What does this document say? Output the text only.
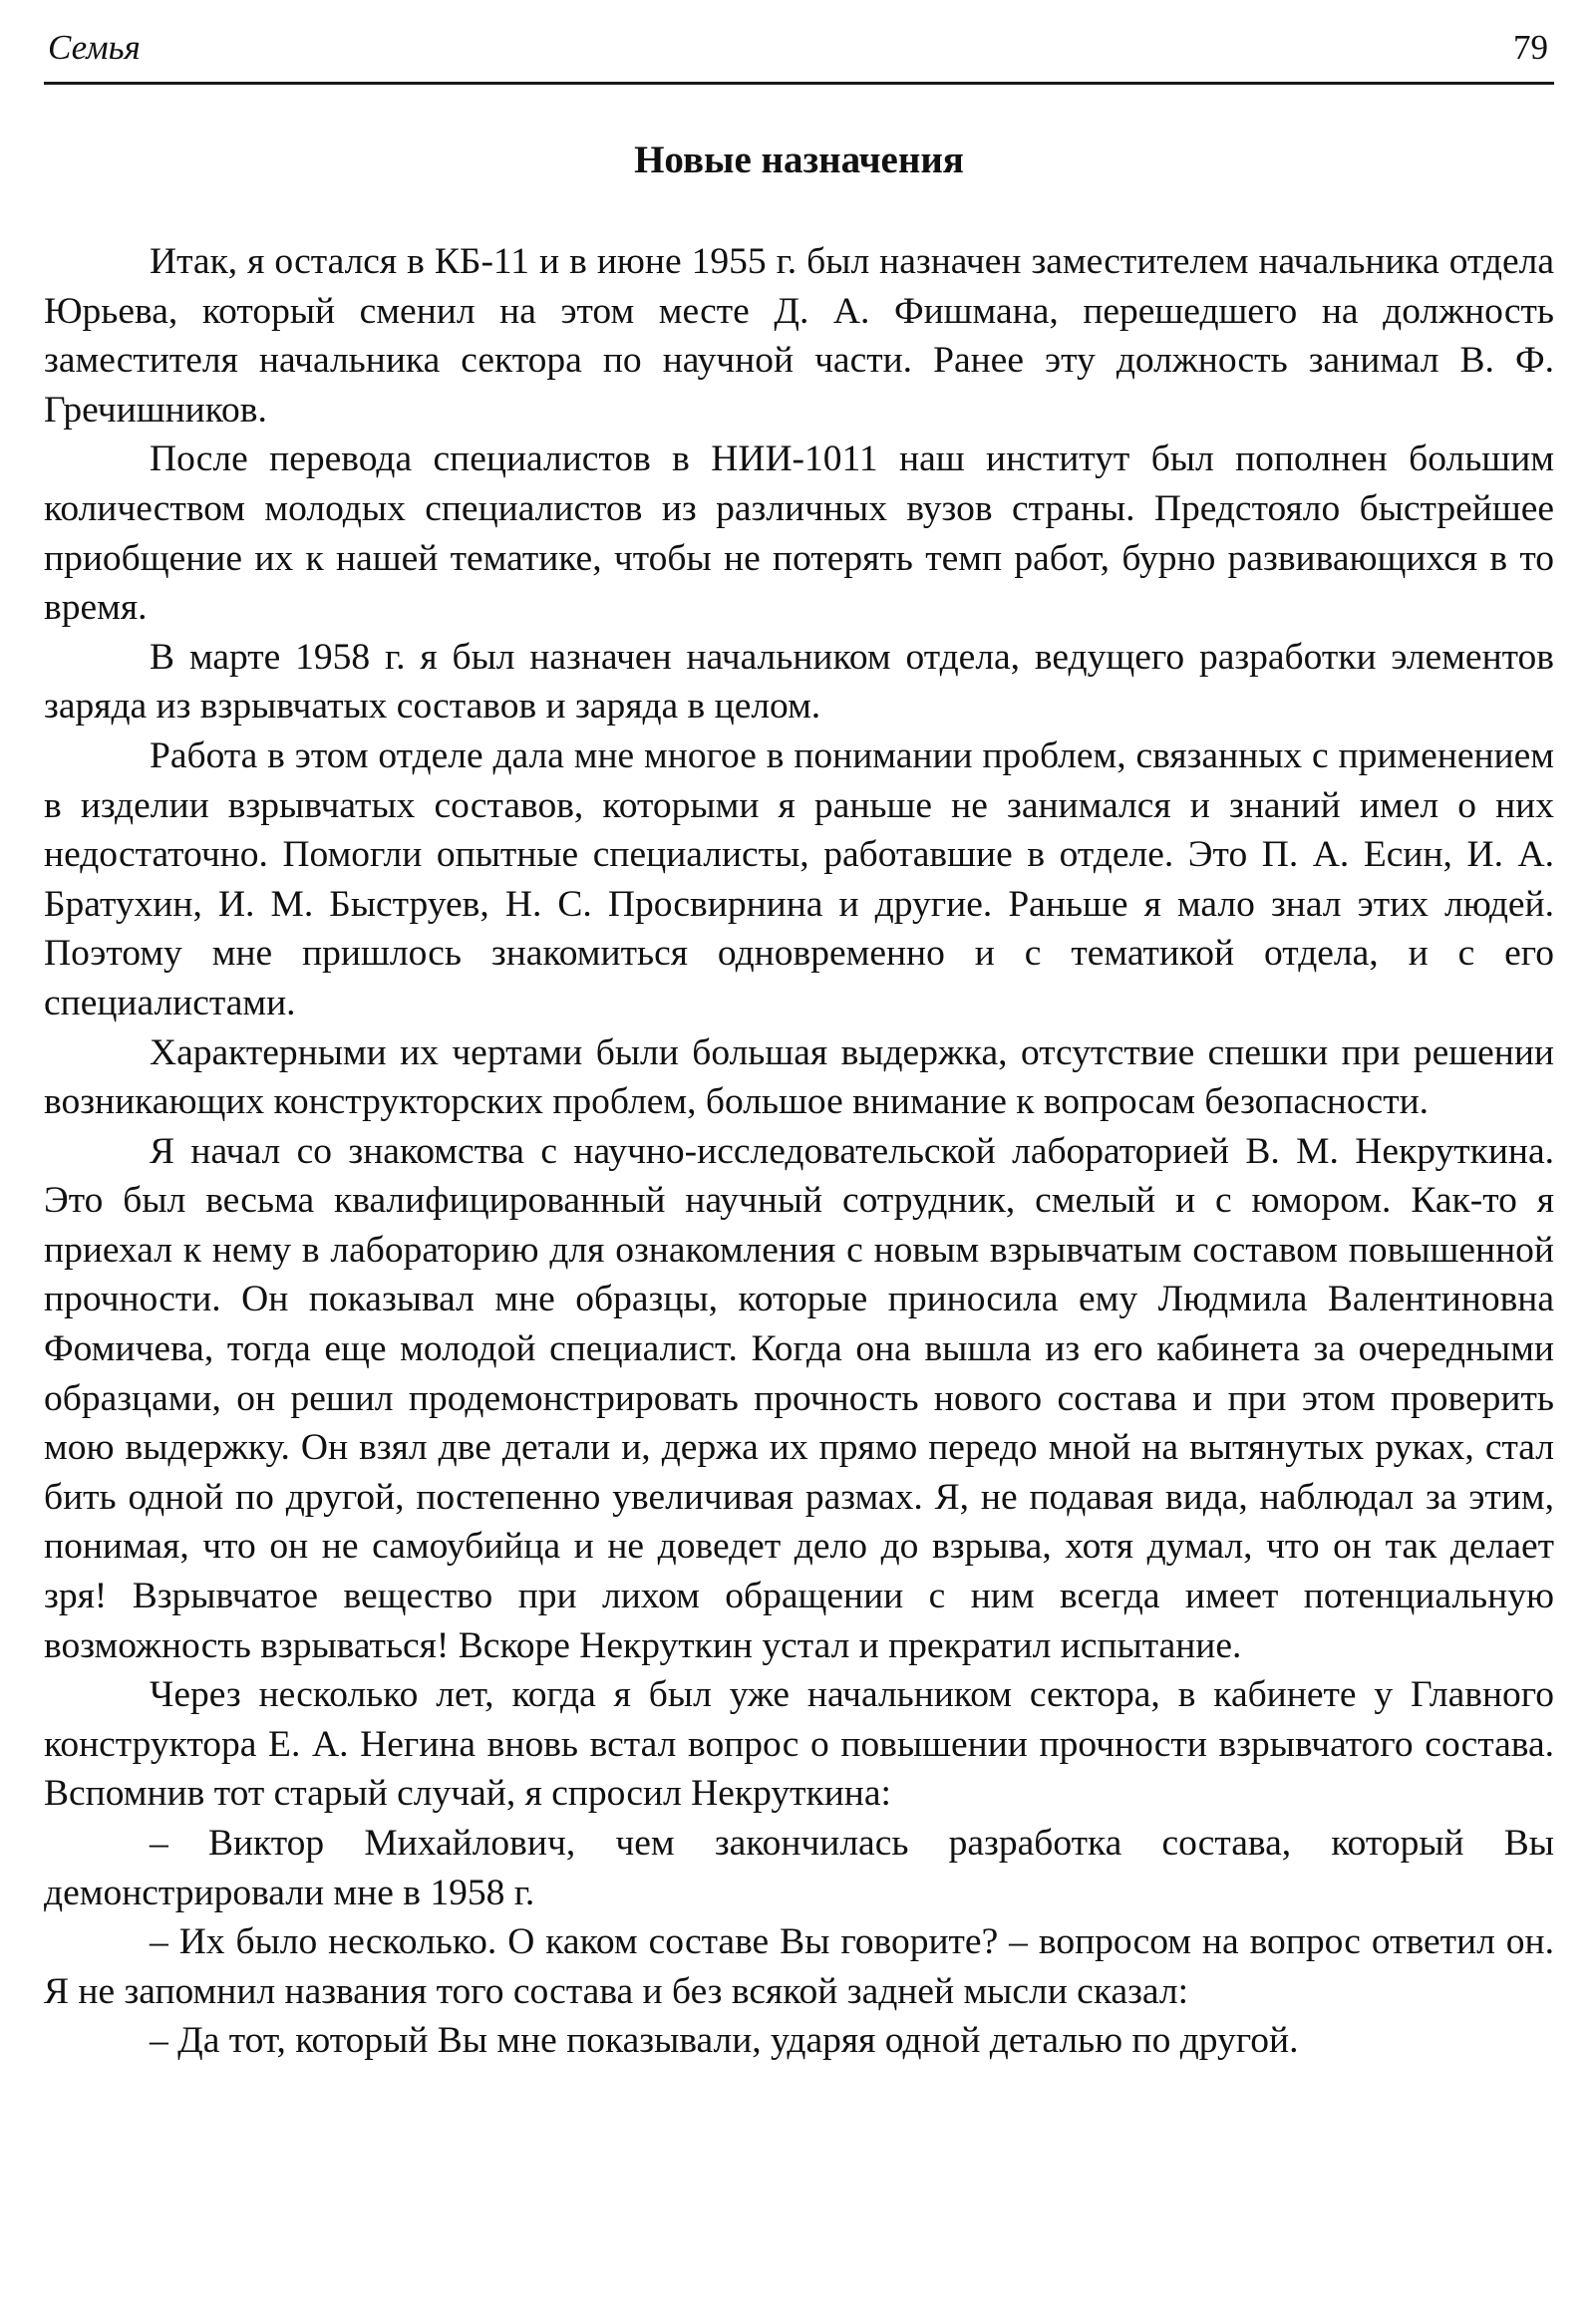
Семья	79
Новые назначения

Итак, я остался в КБ-11 и в июне 1955 г. был назначен заместителем начальника отдела Юрьева, который сменил на этом месте Д. А. Фишмана, перешедшего на должность заместителя начальника сектора по научной части. Ранее эту должность занимал В. Ф. Гречишников.

После перевода специалистов в НИИ-1011 наш институт был пополнен большим количеством молодых специалистов из различных вузов страны. Предстояло быстрейшее приобщение их к нашей тематике, чтобы не потерять темп работ, бурно развивающихся в то время.

В марте 1958 г. я был назначен начальником отдела, ведущего разработки элементов заряда из взрывчатых составов и заряда в целом.

Работа в этом отделе дала мне многое в понимании проблем, связанных с применением в изделии взрывчатых составов, которыми я раньше не занимался и знаний имел о них недостаточно. Помогли опытные специалисты, работавшие в отделе. Это П. А. Есин, И. А. Братухин, И. М. Быструев, Н. С. Просвирнина и другие. Раньше я мало знал этих людей. Поэтому мне пришлось знакомиться одновременно и с тематикой отдела, и с его специалистами.

Характерными их чертами были большая выдержка, отсутствие спешки при решении возникающих конструкторских проблем, большое внимание к вопросам безопасности.

Я начал со знакомства с научно-исследовательской лабораторией В. М. Некруткина. Это был весьма квалифицированный научный сотрудник, смелый и с юмором. Как-то я приехал к нему в лабораторию для ознакомления с новым взрывчатым составом повышенной прочности. Он показывал мне образцы, которые приносила ему Людмила Валентиновна Фомичева, тогда еще молодой специалист. Когда она вышла из его кабинета за очередными образцами, он решил продемонстрировать прочность нового состава и при этом проверить мою выдержку. Он взял две детали и, держа их прямо передо мной на вытянутых руках, стал бить одной по другой, постепенно увеличивая размах. Я, не подавая вида, наблюдал за этим, понимая, что он не самоубийца и не доведет дело до взрыва, хотя думал, что он так делает зря! Взрывчатое вещество при лихом обращении с ним всегда имеет потенциальную возможность взрываться! Вскоре Некруткин устал и прекратил испытание.

Через несколько лет, когда я был уже начальником сектора, в кабинете у Главного конструктора Е. А. Негина вновь встал вопрос о повышении прочности взрывчатого состава. Вспомнив тот старый случай, я спросил Некруткина:

– Виктор Михайлович, чем закончилась разработка состава, который Вы демонстрировали мне в 1958 г.

– Их было несколько. О каком составе Вы говорите? – вопросом на вопрос ответил он. Я не запомнил названия того состава и без всякой задней мысли сказал:

– Да тот, который Вы мне показывали, ударяя одной деталью по другой.
